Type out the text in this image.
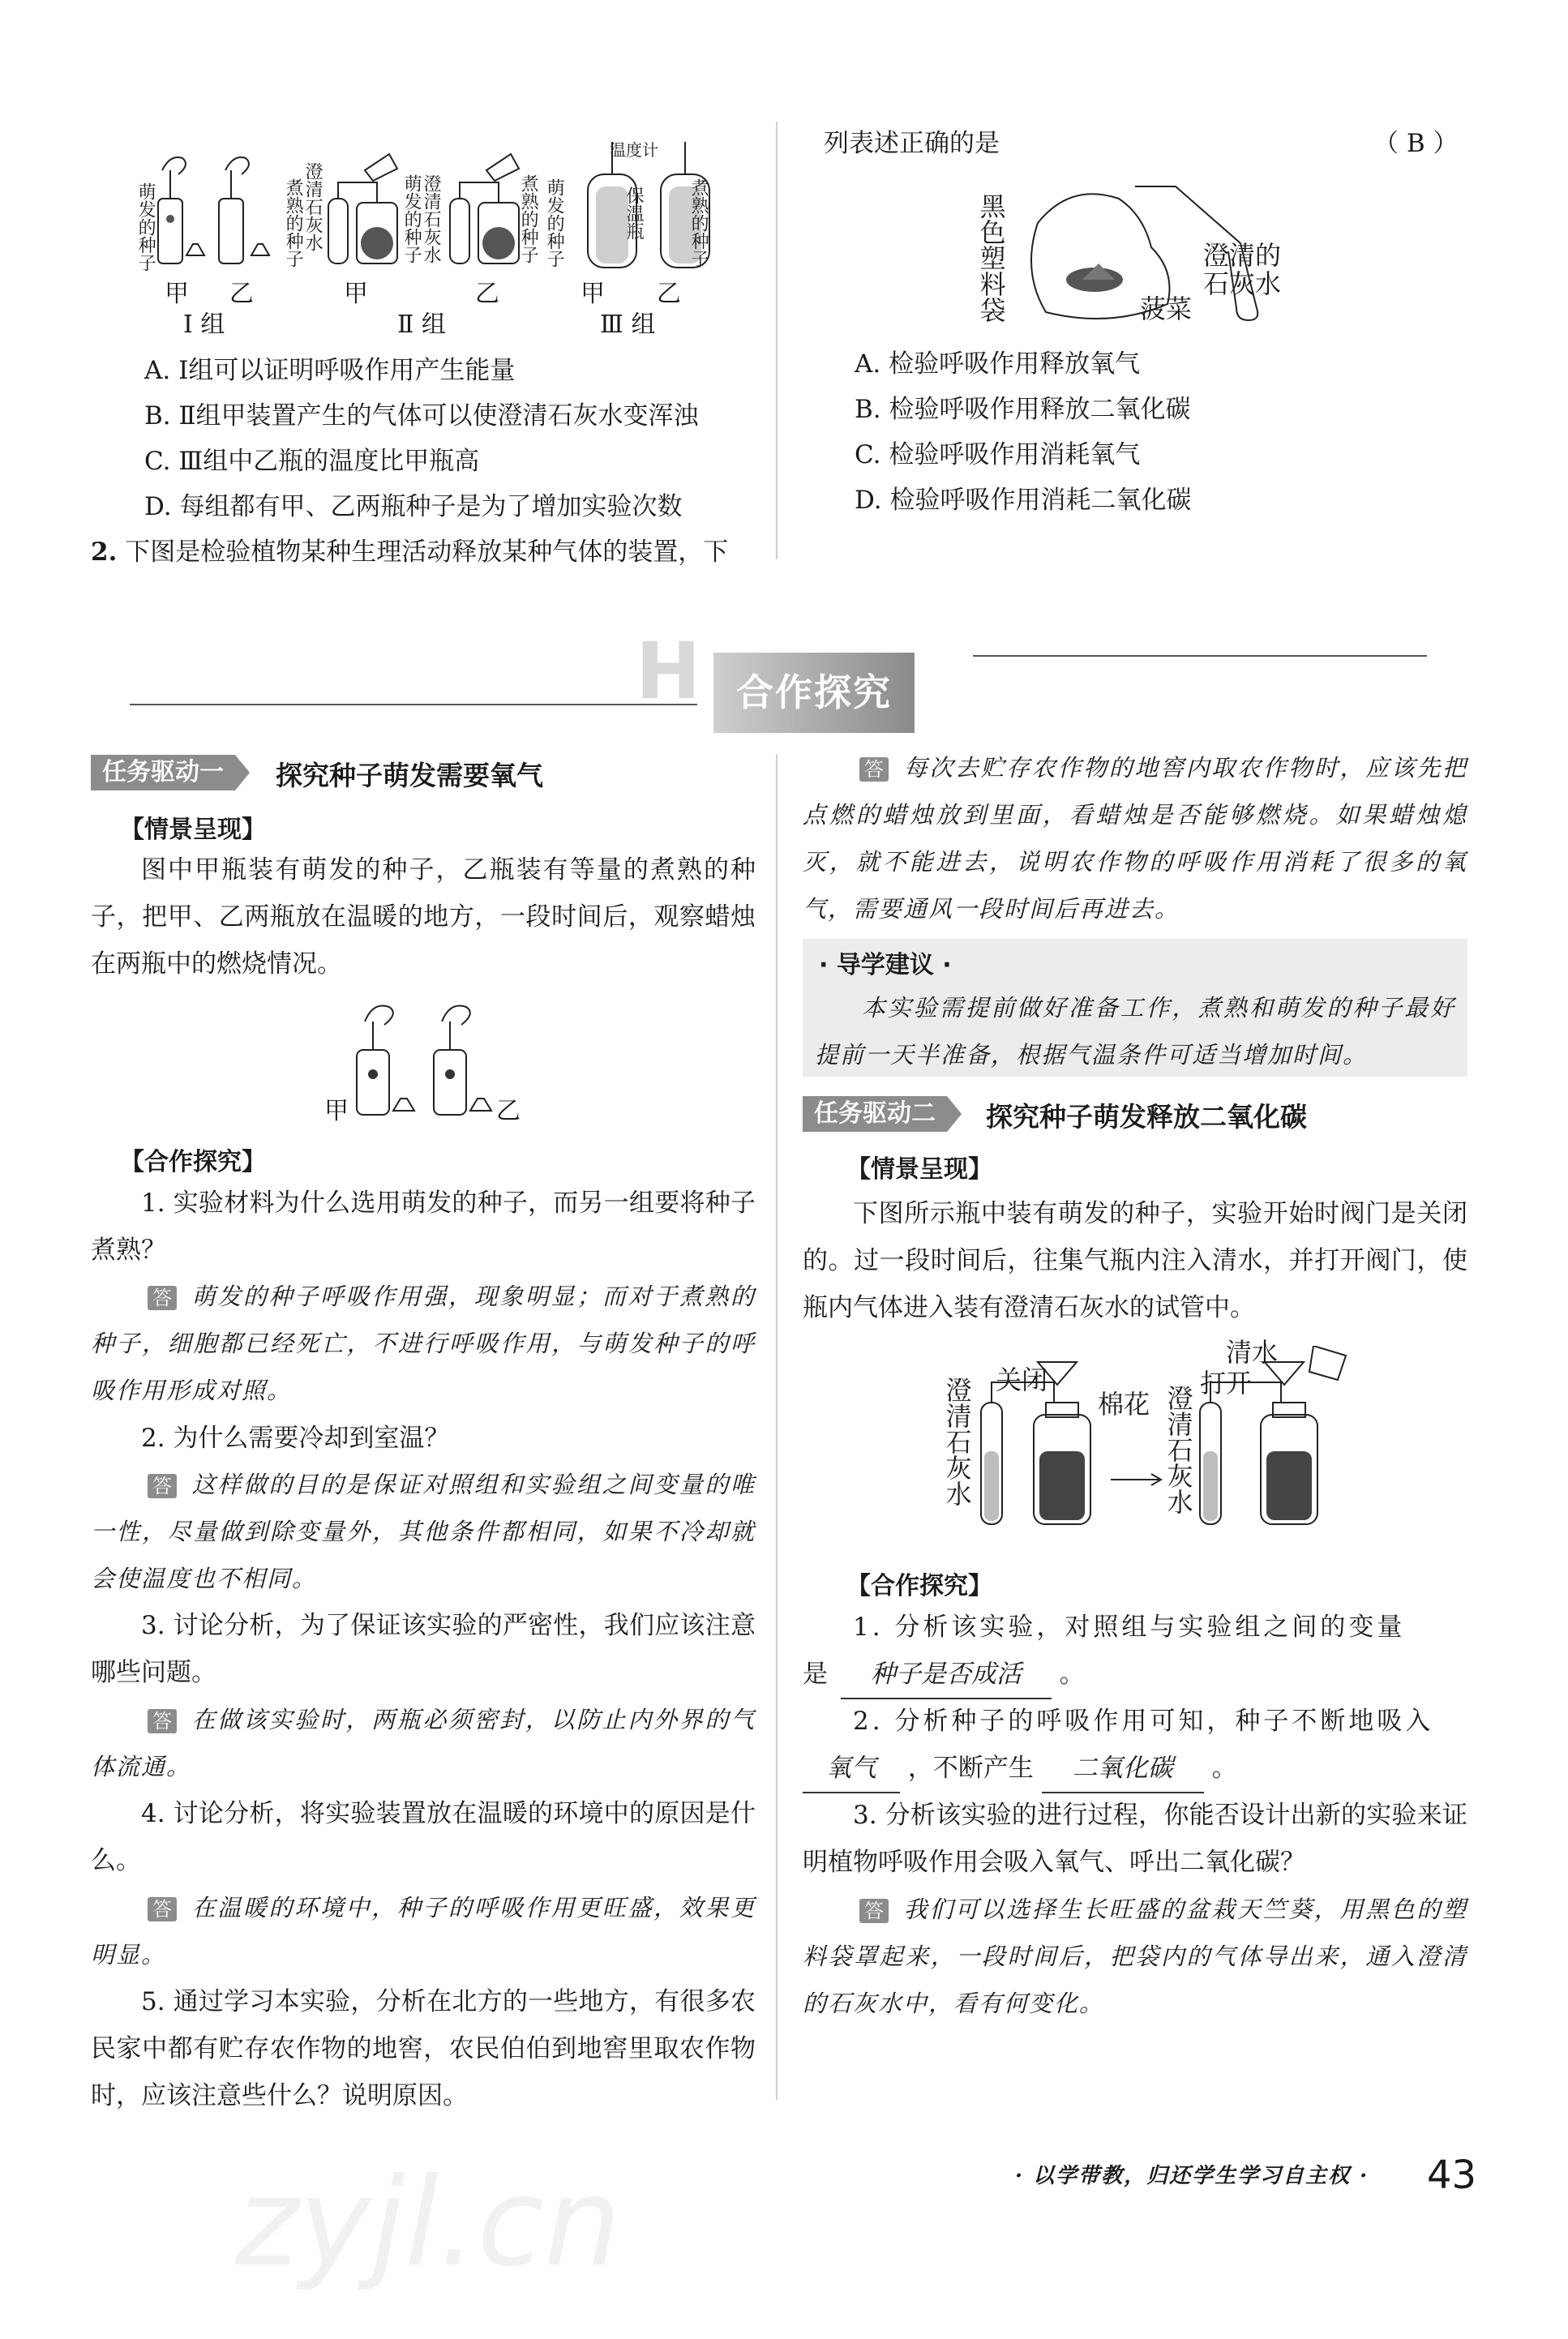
萌发的种子	煮熟的种子 澄清石灰水	萌发的种子 澄清石灰水	煮熟的种子 萌发的种子	保温瓶	煮熟的种子
温度计
甲 乙	甲	乙	甲 乙
Ⅰ 组	Ⅱ 组	Ⅲ 组
A. Ⅰ组可以证明呼吸作用产生能量
B. Ⅱ组甲装置产生的气体可以使澄清石灰水变浑浊
C. Ⅲ组中乙瓶的温度比甲瓶高
D. 每组都有甲、乙两瓶种子是为了增加实验次数
2. 下图是检验植物某种生理活动释放某种气体的装置，下
列表述正确的是	（ B ）
黑色塑料袋	澄清的
石灰水
菠菜
A. 检验呼吸作用释放氧气
B. 检验呼吸作用释放二氧化碳
C. 检验呼吸作用消耗氧气
D. 检验呼吸作用消耗二氧化碳
H 合作探究
任务驱动一	探究种子萌发需要氧气
【情景呈现】
图中甲瓶装有萌发的种子，乙瓶装有等量的煮熟的种子，把甲、乙两瓶放在温暖的地方，一段时间后，观察蜡烛在两瓶中的燃烧情况。
甲	乙
【合作探究】
1. 实验材料为什么选用萌发的种子，而另一组要将种子煮熟？
答 萌发的种子呼吸作用强，现象明显；而对于煮熟的种子，细胞都已经死亡，不进行呼吸作用，与萌发种子的呼吸作用形成对照。
2. 为什么需要冷却到室温？
答 这样做的目的是保证对照组和实验组之间变量的唯一性，尽量做到除变量外，其他条件都相同，如果不冷却就会使温度也不相同。
3. 讨论分析，为了保证该实验的严密性，我们应该注意哪些问题。
答 在做该实验时，两瓶必须密封，以防止内外界的气体流通。
4. 讨论分析，将实验装置放在温暖的环境中的原因是什么。
答 在温暖的环境中，种子的呼吸作用更旺盛，效果更明显。
5. 通过学习本实验，分析在北方的一些地方，有很多农民家中都有贮存农作物的地窖，农民伯伯到地窖里取农作物时，应该注意些什么？说明原因。
答 每次去贮存农作物的地窖内取农作物时，应该先把点燃的蜡烛放到里面，看蜡烛是否能够燃烧。如果蜡烛熄灭，就不能进去，说明农作物的呼吸作用消耗了很多的氧气，需要通风一段时间后再进去。
· 导学建议 ·
本实验需提前做好准备工作，煮熟和萌发的种子最好提前一天半准备，根据气温条件可适当增加时间。
任务驱动二	探究种子萌发释放二氧化碳
【情景呈现】
下图所示瓶中装有萌发的种子，实验开始时阀门是关闭的。过一段时间后，往集气瓶内注入清水，并打开阀门，使瓶内气体进入装有澄清石灰水的试管中。
澄清石灰水 关闭
棉花
清水
打开
澄清石灰水
【合作探究】
1. 分析该实验，对照组与实验组之间的变量
是 种子是否成活 。
2. 分析种子的呼吸作用可知，种子不断地吸入
氧气 ，不断产生 二氧化碳 。
3. 分析该实验的进行过程，你能否设计出新的实验来证明植物呼吸作用会吸入氧气、呼出二氧化碳？
答 我们可以选择生长旺盛的盆栽天竺葵，用黑色的塑料袋罩起来，一段时间后，把袋内的气体导出来，通入澄清的石灰水中，看有何变化。
zyjl.cn	· 以学带教，归还学生学习自主权 · 43
